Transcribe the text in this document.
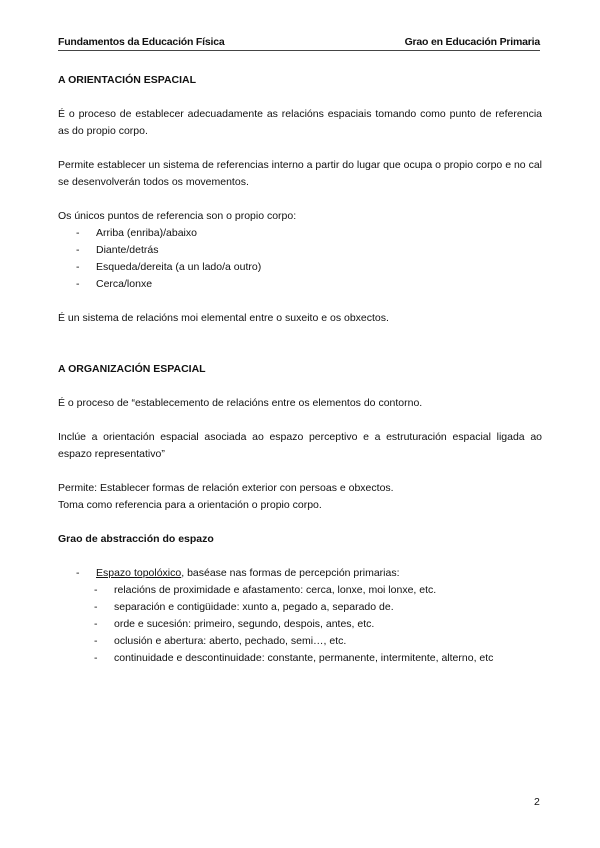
Fundamentos da Educación Física	Grao en Educación Primaria

A ORIENTACIÓN ESPACIAL

É o proceso de establecer adecuadamente as relacións espaciais tomando como punto de referencia as do propio corpo.

Permite establecer un sistema de referencias interno a partir do lugar que ocupa o propio corpo e no cal se desenvolverán todos os movementos.

Os únicos puntos de referencia son o propio corpo:

- Arriba (enriba)/abaixo
- Diante/detrás
- Esqueda/dereita (a un lado/a outro)
- Cerca/lonxe

É un sistema de relacións moi elemental entre o suxeito e os obxectos.

A ORGANIZACIÓN ESPACIAL

É o proceso de “establecemento de relacións entre os elementos do contorno.

Inclúe a orientación espacial asociada ao espazo perceptivo e a estruturación espacial ligada ao espazo representativo”

Permite: Establecer formas de relación exterior con persoas e obxectos.

Toma como referencia para a orientación o propio corpo.

Grao de abstracción do espazo

- Espazo topolóxico, baséase nas formas de percepción primarias:
- relacións de proximidade e afastamento: cerca, lonxe, moi lonxe, etc.
- separación e contigüidade: xunto a, pegado a, separado de.
- orde e sucesión: primeiro, segundo, despois, antes, etc.
- oclusión e abertura: aberto, pechado, semi…, etc.
- continuidade e descontinuidade: constante, permanente, intermitente, alterno, etc
2
